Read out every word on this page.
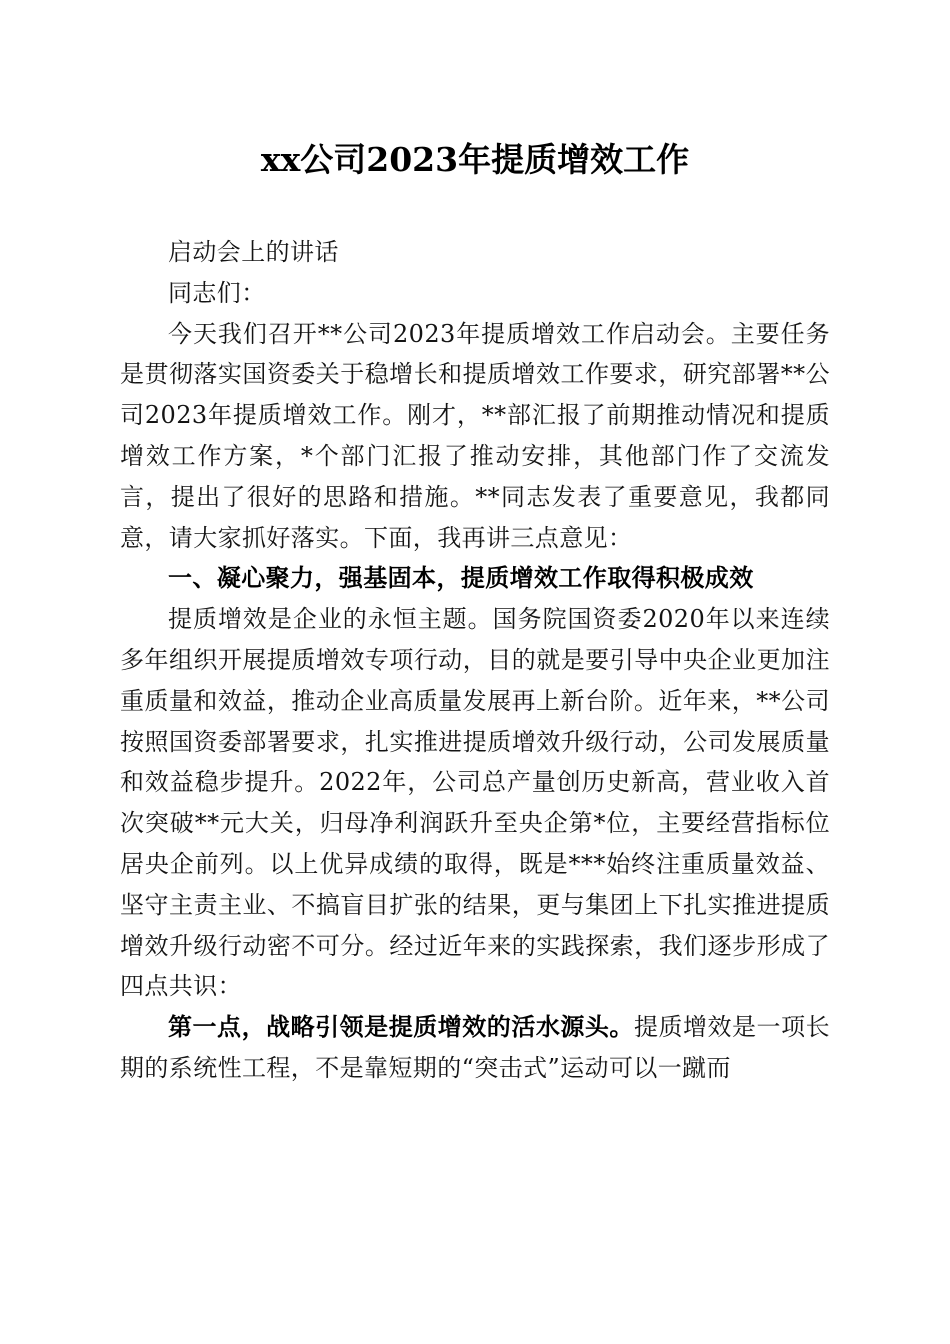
xx公司2023年提质增效工作

启动会上的讲话

同志们：

今天我们召开**公司2023年提质增效工作启动会。主要任务是贯彻落实国资委关于稳增长和提质增效工作要求，研究部署**公司2023年提质增效工作。刚才，**部汇报了前期推动情况和提质增效工作方案，*个部门汇报了推动安排，其他部门作了交流发言，提出了很好的思路和措施。**同志发表了重要意见，我都同意，请大家抓好落实。下面，我再讲三点意见：

一、凝心聚力，强基固本，提质增效工作取得积极成效

提质增效是企业的永恒主题。国务院国资委2020年以来连续多年组织开展提质增效专项行动，目的就是要引导中央企业更加注重质量和效益，推动企业高质量发展再上新台阶。近年来，**公司按照国资委部署要求，扎实推进提质增效升级行动，公司发展质量和效益稳步提升。2022年，公司总产量创历史新高，营业收入首次突破**元大关，归母净利润跃升至央企第*位，主要经营指标位居央企前列。以上优异成绩的取得，既是***始终注重质量效益、坚守主责主业、不搞盲目扩张的结果，更与集团上下扎实推进提质增效升级行动密不可分。经过近年来的实践探索，我们逐步形成了四点共识：

第一点，战略引领是提质增效的活水源头。提质增效是一项长期的系统性工程，不是靠短期的“突击式”运动可以一蹴而
